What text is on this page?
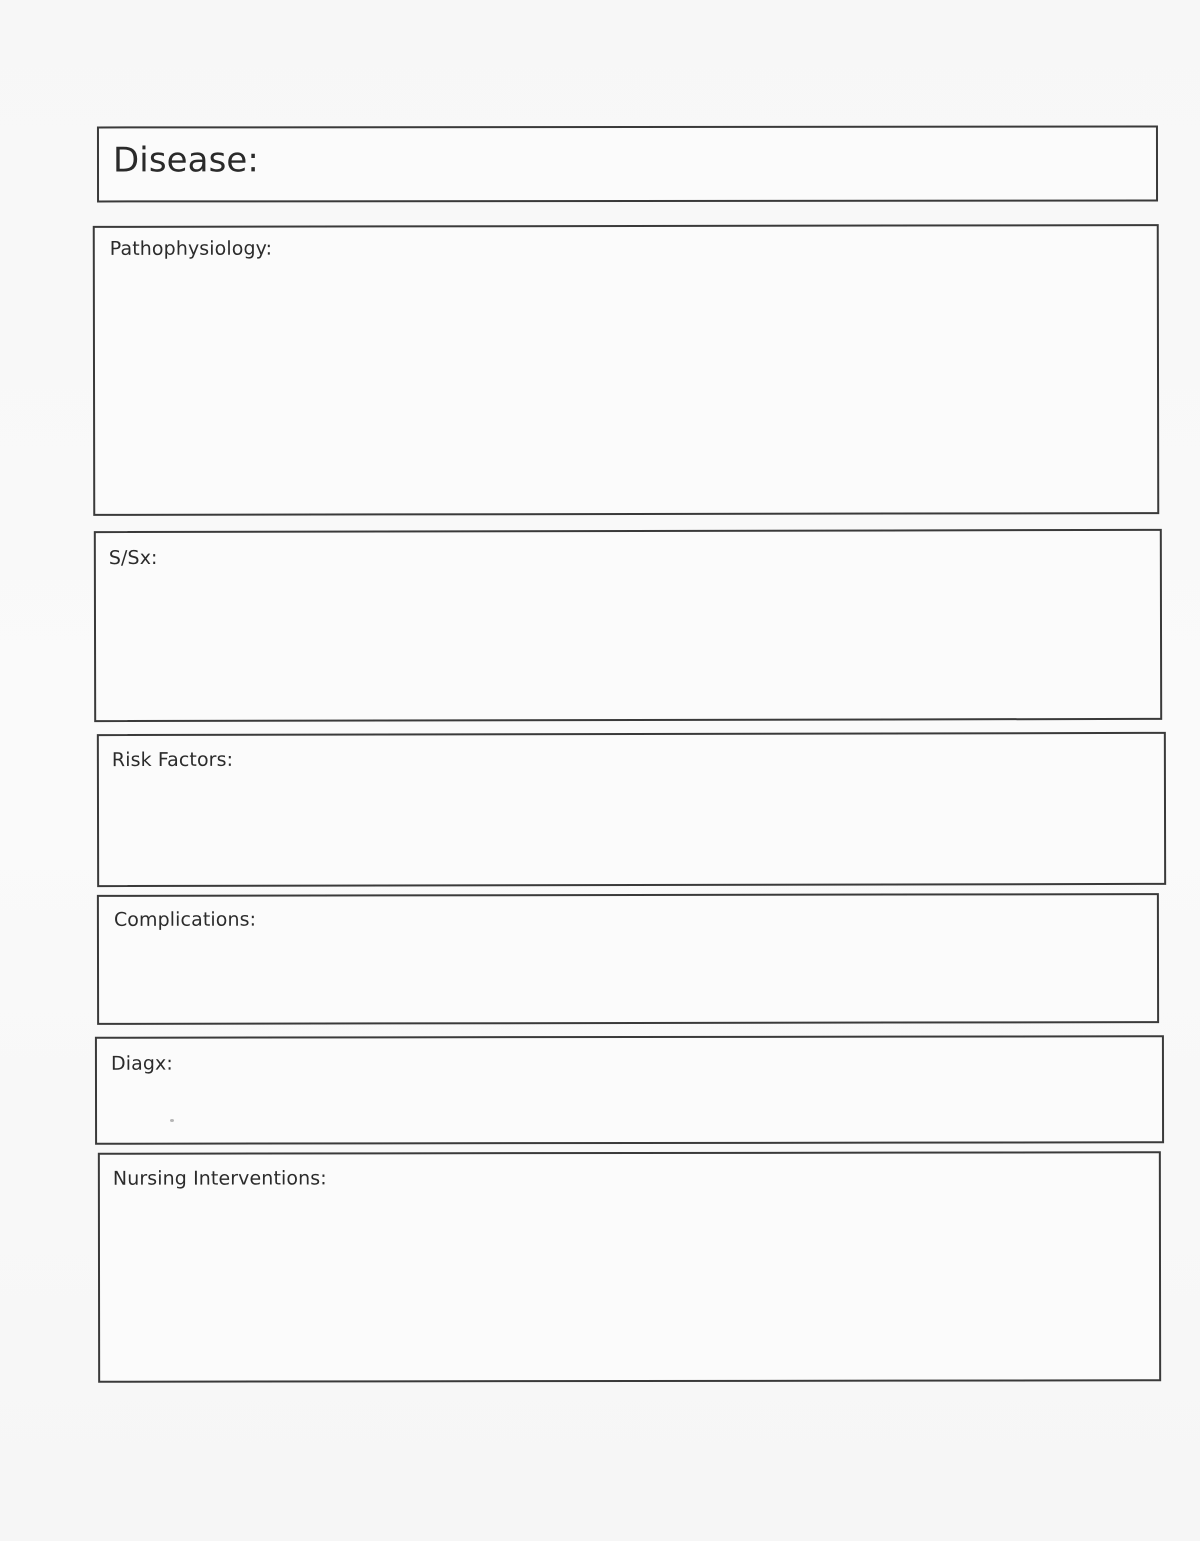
Disease:
Pathophysiology:
S/Sx:
Risk Factors:
Complications:
Diagx:
Nursing Interventions:
